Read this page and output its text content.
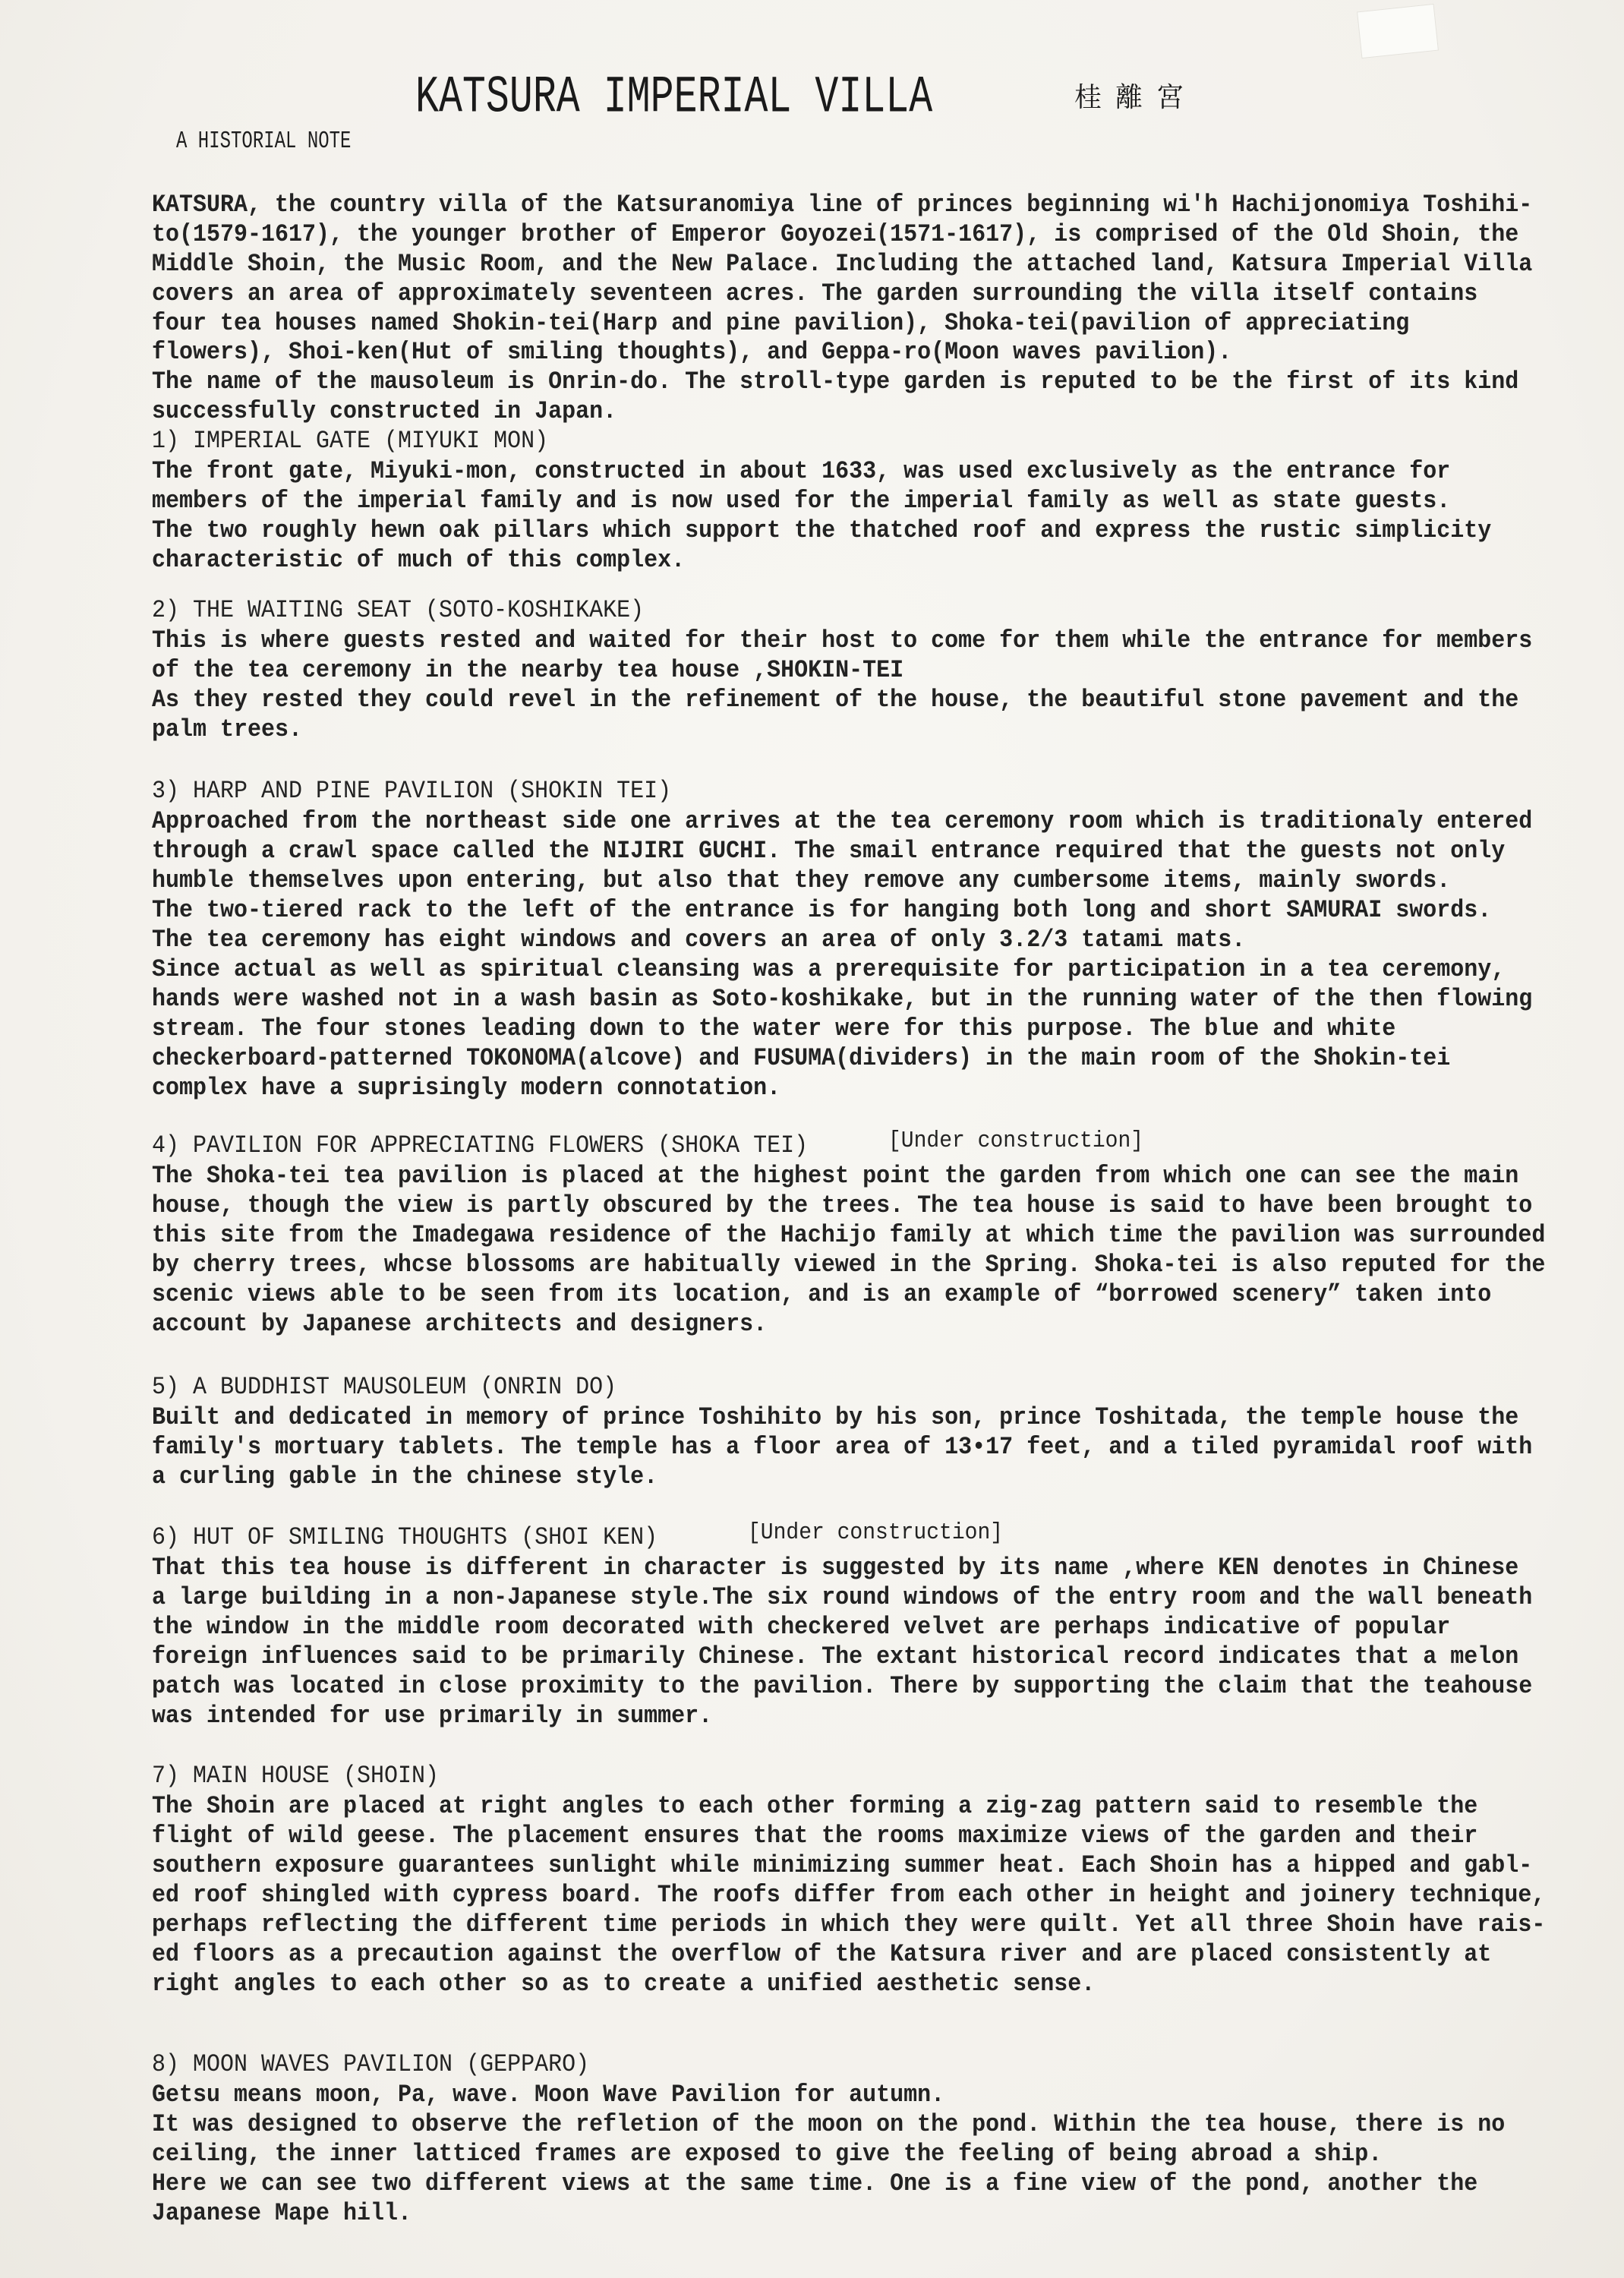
KATSURA IMPERIAL VILLA	桂離宮
A HISTORIAL NOTE
KATSURA, the country villa of the Katsuranomiya line of princes beginning wi'h Hachijonomiya Toshihi-
to(1579-1617), the younger brother of Emperor Goyozei(1571-1617), is comprised of the Old Shoin, the
Middle Shoin, the Music Room, and the New Palace. Including the attached land, Katsura Imperial Villa
covers an area of approximately seventeen acres. The garden surrounding the villa itself contains
four tea houses named Shokin-tei(Harp and pine pavilion), Shoka-tei(pavilion of appreciating
flowers), Shoi-ken(Hut of smiling thoughts), and Geppa-ro(Moon waves pavilion).
The name of the mausoleum is Onrin-do. The stroll-type garden is reputed to be the first of its kind
successfully constructed in Japan.
1) IMPERIAL GATE (MIYUKI MON)
The front gate, Miyuki-mon, constructed in about 1633, was used exclusively as the entrance for
members of the imperial family and is now used for the imperial family as well as state guests.
The two roughly hewn oak pillars which support the thatched roof and express the rustic simplicity
characteristic of much of this complex.
2) THE WAITING SEAT (SOTO-KOSHIKAKE)
This is where guests rested and waited for their host to come for them while the entrance for members
of the tea ceremony in the nearby tea house ,SHOKIN-TEI
As they rested they could revel in the refinement of the house, the beautiful stone pavement and the
palm trees.
3) HARP AND PINE PAVILION (SHOKIN TEI)
Approached from the northeast side one arrives at the tea ceremony room which is traditionaly entered
through a crawl space called the NIJIRI GUCHI. The smail entrance required that the guests not only
humble themselves upon entering, but also that they remove any cumbersome items, mainly swords.
The two-tiered rack to the left of the entrance is for hanging both long and short SAMURAI swords.
The tea ceremony has eight windows and covers an area of only 3.2/3 tatami mats.
Since actual as well as spiritual cleansing was a prerequisite for participation in a tea ceremony,
hands were washed not in a wash basin as Soto-koshikake, but in the running water of the then flowing
stream. The four stones leading down to the water were for this purpose. The blue and white
checkerboard-patterned TOKONOMA(alcove) and FUSUMA(dividers) in the main room of the Shokin-tei
complex have a suprisingly modern connotation.
4) PAVILION FOR APPRECIATING FLOWERS (SHOKA TEI)	[Under construction]
The Shoka-tei tea pavilion is placed at the highest point the garden from which one can see the main
house, though the view is partly obscured by the trees. The tea house is said to have been brought to
this site from the Imadegawa residence of the Hachijo family at which time the pavilion was surrounded
by cherry trees, whcse blossoms are habitually viewed in the Spring. Shoka-tei is also reputed for the
scenic views able to be seen from its location, and is an example of “borrowed scenery” taken into
account by Japanese architects and designers.
5) A BUDDHIST MAUSOLEUM (ONRIN DO)
Built and dedicated in memory of prince Toshihito by his son, prince Toshitada, the temple house the
family's mortuary tablets. The temple has a floor area of 13•17 feet, and a tiled pyramidal roof with
a curling gable in the chinese style.
6) HUT OF SMILING THOUGHTS (SHOI KEN)	[Under construction]
That this tea house is different in character is suggested by its name ,where KEN denotes in Chinese
a large building in a non-Japanese style.The six round windows of the entry room and the wall beneath
the window in the middle room decorated with checkered velvet are perhaps indicative of popular
foreign influences said to be primarily Chinese. The extant historical record indicates that a melon
patch was located in close proximity to the pavilion. There by supporting the claim that the teahouse
was intended for use primarily in summer.
7) MAIN HOUSE (SHOIN)
The Shoin are placed at right angles to each other forming a zig-zag pattern said to resemble the
flight of wild geese. The placement ensures that the rooms maximize views of the garden and their
southern exposure guarantees sunlight while minimizing summer heat. Each Shoin has a hipped and gabl-
ed roof shingled with cypress board. The roofs differ from each other in height and joinery technique,
perhaps reflecting the different time periods in which they were quilt. Yet all three Shoin have rais-
ed floors as a precaution against the overflow of the Katsura river and are placed consistently at
right angles to each other so as to create a unified aesthetic sense.
8) MOON WAVES PAVILION (GEPPARO)
Getsu means moon, Pa, wave. Moon Wave Pavilion for autumn.
It was designed to observe the refletion of the moon on the pond. Within the tea house, there is no
ceiling, the inner latticed frames are exposed to give the feeling of being abroad a ship.
Here we can see two different views at the same time. One is a fine view of the pond, another the
Japanese Mape hill.
